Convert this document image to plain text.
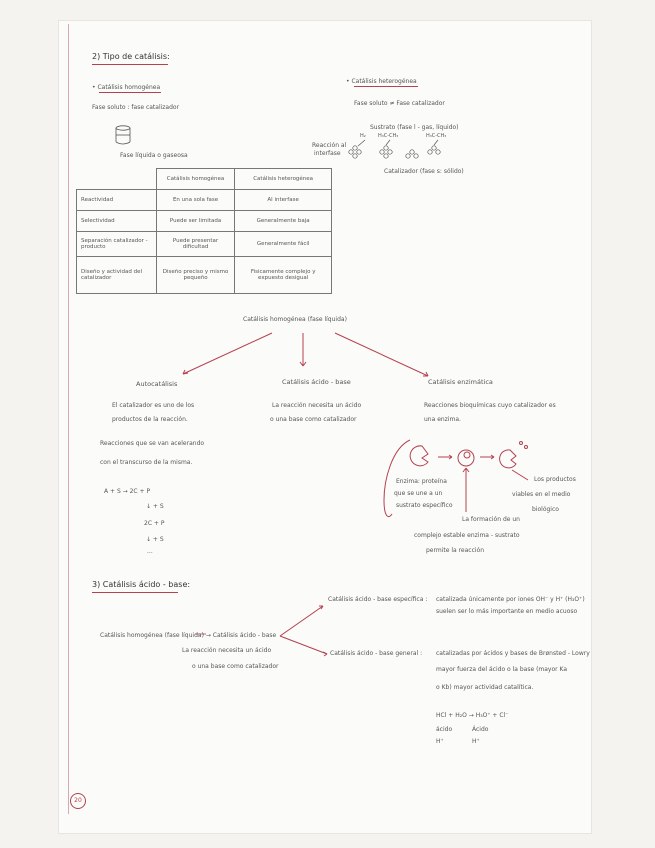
2) Tipo de catálisis:
• Catálisis homogénea
Fase soluto : fase catalizador
Fase líquida o gaseosa
• Catálisis heterogénea
Fase soluto ≠ Fase catalizador
Sustrato (fase l - gas, líquido)
H₂ H₃C-CH₃	H₃C-CH₃
Reacción al
interfase
Catalizador (fase s: sólido)
	Catálisis homogénea	Catálisis heterogénea
Reactividad	En una sola fase	Al interfase
Selectividad	Puede ser limitada	Generalmente baja
Separación catalizador - producto	Puede presentar dificultad	Generalmente fácil
Diseño y actividad del catalizador	Diseño preciso y mismo pequeño	Fisicamente complejo y expuesto desigual
Catálisis homogénea (fase líquida)
Autocatálisis
El catalizador es uno de los
productos de la reacción.
Reacciones que se van acelerando
con el transcurso de la misma.
A + S → 2C + P
↓ + S
2C + P
↓ + S
...
Catálisis ácido - base
La reacción necesita un ácido
o una base como catalizador
Catálisis enzimática
Reacciones bioquímicas cuyo catalizador es
una enzima.
Enzima: proteína
que se une a un
sustrato específico
La formación de un
complejo estable enzima - sustrato
permite la reacción
Los productos
viables en el medio
biológico
3) Catálisis ácido - base:
Catálisis homogénea (fase líquida) → Catálisis ácido - base
La reacción necesita un ácido
o una base como catalizador
Catálisis ácido - base específica : catalizada únicamente por iones OH⁻ y H⁺ (H₃O⁺)
suelen ser lo más importante en medio acuoso
Catálisis ácido - base general : catalizadas por ácidos y bases de Brønsted - Lowry
mayor fuerza del ácido o la base (mayor Ka
o Kb) mayor actividad catalítica.
HCl + H₂O → H₃O⁺ + Cl⁻
ácido	Ácido
H⁺	H⁺
20
